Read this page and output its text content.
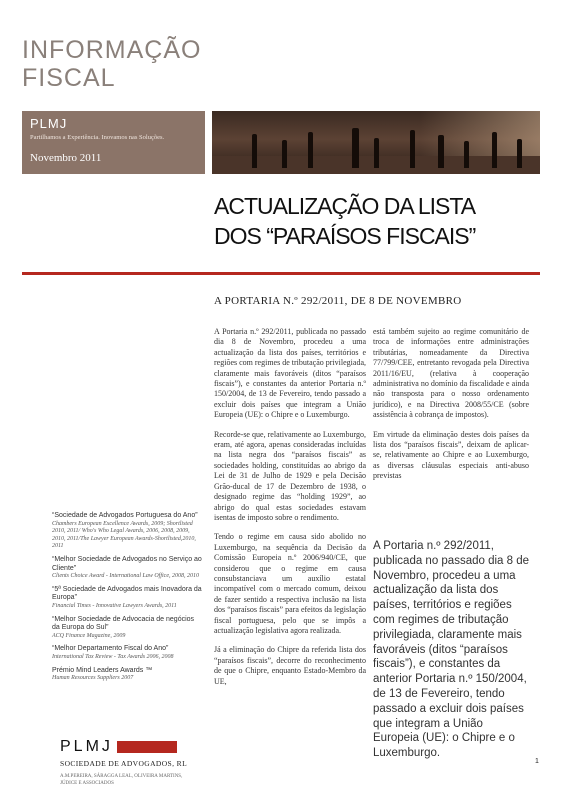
INFORMAÇÃO
FISCAL
PLMJ
Partilhamos a Experiência. Inovamos nas Soluções.
Novembro 2011
ACTUALIZAÇÃO DA LISTA
DOS “PARAÍSOS FISCAIS”
A PORTARIA N.º 292/2011, DE 8 DE NOVEMBRO

A Portaria n.º 292/2011, publicada no passado dia 8 de Novembro, procedeu a uma actualização da lista dos países, territórios e regiões com regimes de tributação privilegiada, claramente mais favoráveis (ditos “paraísos fiscais”), e constantes da anterior Portaria n.º 150/2004, de 13 de Fevereiro, tendo passado a excluir dois países que integram a União Europeia (UE): o Chipre e o Luxemburgo.

Recorde-se que, relativamente ao Luxemburgo, eram, até agora, apenas consideradas incluídas na lista negra dos “paraísos fiscais” as sociedades holding, constituídas ao abrigo da Lei de 31 de Julho de 1929 e pela Decisão Grão-ducal de 17 de Dezembro de 1938, o designado regime das “holding 1929”, ao abrigo do qual estas sociedades estavam isentas de imposto sobre o rendimento.

Tendo o regime em causa sido abolido no Luxemburgo, na sequência da Decisão da Comissão Europeia n.º 2006/940/CE, que considerou que o regime em causa consubstanciava um auxílio estatal incompatível com o mercado comum, deixou de fazer sentido a respectiva inclusão na lista dos “paraísos fiscais” para efeitos da legislação fiscal portuguesa, pelo que se impôs a actualização legislativa agora realizada.

Já a eliminação do Chipre da referida lista dos “paraísos fiscais”, decorre do reconhecimento de que o Chipre, enquanto Estado-Membro da UE,

está também sujeito ao regime comunitário de troca de informações entre administrações tributárias, nomeadamente da Directiva 77/799/CEE, entretanto revogada pela Directiva 2011/16/EU, (relativa à cooperação administrativa no domínio da fiscalidade e ainda não transposta para o nosso ordenamento jurídico), e na Directiva 2008/55/CE (sobre assistência à cobrança de impostos).

Em virtude da eliminação destes dois países da lista dos “paraísos fiscais”, deixam de aplicar-se, relativamente ao Chipre e ao Luxemburgo, as diversas cláusulas especiais anti-abuso previstas

A Portaria n.º 292/2011, publicada no passado dia 8 de Novembro, procedeu a uma actualização da lista dos países, territórios e regiões com regimes de tributação privilegiada, claramente mais favoráveis (ditos “paraísos fiscais”), e constantes da anterior Portaria n.º 150/2004, de 13 de Fevereiro, tendo passado a excluir dois países que integram a União Europeia (UE): o Chipre e o Luxemburgo.
“Sociedade de Advogados Portuguesa do Ano”
Chambers European Excellence Awards, 2009; Shortlisted 2010, 2011/ Who's Who Legal Awards, 2006, 2008, 2009, 2010, 2011/The Lawyer European Awards-Shortlisted,2010, 2011
“Melhor Sociedade de Advogados no Serviço ao Cliente”
Clients Choice Award - International Law Office, 2008, 2010
“5ª Sociedade de Advogados mais Inovadora da Europa”
Financial Times - Innovative Lawyers Awards, 2011
“Melhor Sociedade de Advocacia de negócios da Europa do Sul”
ACQ Finance Magazine, 2009
“Melhor Departamento Fiscal do Ano”
International Tax Review - Tax Awards 2006, 2008
Prémio Mind Leaders Awards ™
Human Resources Suppliers 2007
PLMJ
SOCIEDADE DE ADVOGADOS, RL
A.M.PEREIRA, SÁRAGGA LEAL, OLIVEIRA MARTINS, JÚDICE E ASSOCIADOS
1
